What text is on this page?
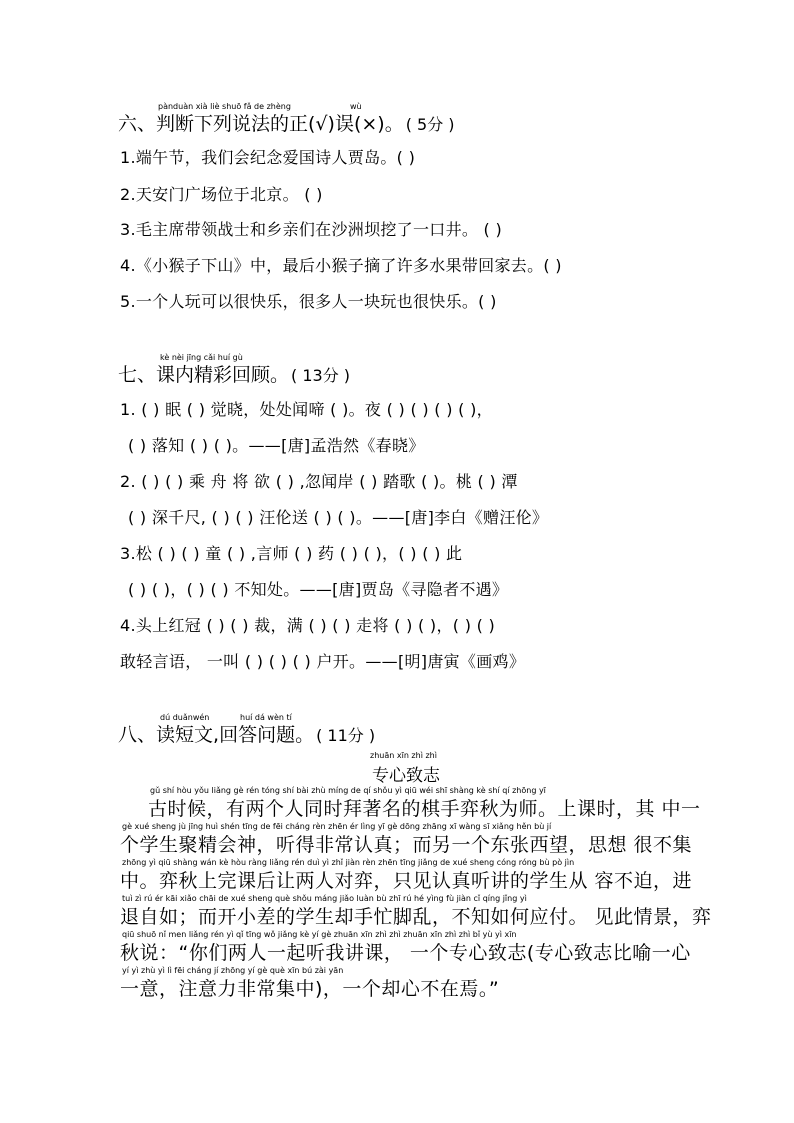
pànduàn xià liè shuō fǎ de zhèng	wù
六、判断下列说法的正(√)误(×)。 ( 5分 )
1.端午节，我们会纪念爱国诗人贾岛。( )
2.天安门广场位于北京。 ( )
3.毛主席带领战士和乡亲们在沙洲坝挖了一口井。 ( )
4.《小猴子下山》中，最后小猴子摘了许多水果带回家去。( )
5.一个人玩可以很快乐，很多人一块玩也很快乐。( )
kè nèi jīng cǎi huí gù
七、课内精彩回顾。 ( 13分 )
1. ( ) 眠 ( ) 觉晓，处处闻啼 ( )。夜 ( ) ( ) ( ) ( )，
( ) 落知 ( ) ( )。——[唐]孟浩然《春晓》
2. ( ) ( ) 乘 舟 将 欲 ( ) ,忽闻岸 ( ) 踏歌 ( )。桃 ( ) 潭
( ) 深千尺, ( ) ( ) 汪伦送 ( ) ( )。——[唐]李白《赠汪伦》
3.松 ( ) ( ) 童 ( ) ,言师 ( ) 药 ( ) ( )，( ) ( ) 此
( ) ( )，( ) ( ) 不知处。——[唐]贾岛《寻隐者不遇》
4.头上红冠 ( ) ( ) 裁，满 ( ) ( ) 走将 ( ) ( )，( ) ( )
敢轻言语， 一叫 ( ) ( ) ( ) 户开。——[明]唐寅《画鸡》
dú duǎnwén	huí dá wèn tí
八、读短文,回答问题。 ( 11分 )
zhuān xīn zhì zhì
专心致志
gǔ shí hòu yǒu liǎng gè rén tóng shí bài zhù míng de qí shǒu yì qiū wéi shī shàng kè shí qí zhōng yī
古时候，有两个人同时拜著名的棋手弈秋为师。上课时，其 中一
gè xué sheng jù jīng huì shén tīng de fēi cháng rèn zhēn ér lìng yī gè dōng zhāng xī wàng sī xiǎng hěn bù jí
个学生聚精会神，听得非常认真；而另一个东张西望，思想 很不集
zhōng yì qiū shàng wán kè hòu ràng liǎng rén duì yì zhǐ jiàn rèn zhēn tīng jiǎng de xué sheng cóng róng bù pò jìn
中。弈秋上完课后让两人对弈，只见认真听讲的学生从 容不迫，进
tuì zì rú ér kāi xiǎo chāi de xué sheng què shǒu máng jiǎo luàn bù zhī rú hé yìng fù jiàn cǐ qíng jǐng yì
退自如；而开小差的学生却手忙脚乱，不知如何应付。 见此情景，弈
qiū shuō nǐ men liǎng rén yì qǐ tīng wǒ jiǎng kè yí gè zhuān xīn zhì zhì zhuān xīn zhì zhì bǐ yù yì xīn
秋说：“你们两人一起听我讲课， 一个专心致志(专心致志比喻一心
yí yì zhù yì lì fēi cháng jí zhōng yí gè què xīn bú zài yān
一意，注意力非常集中)，一个却心不在焉。”
